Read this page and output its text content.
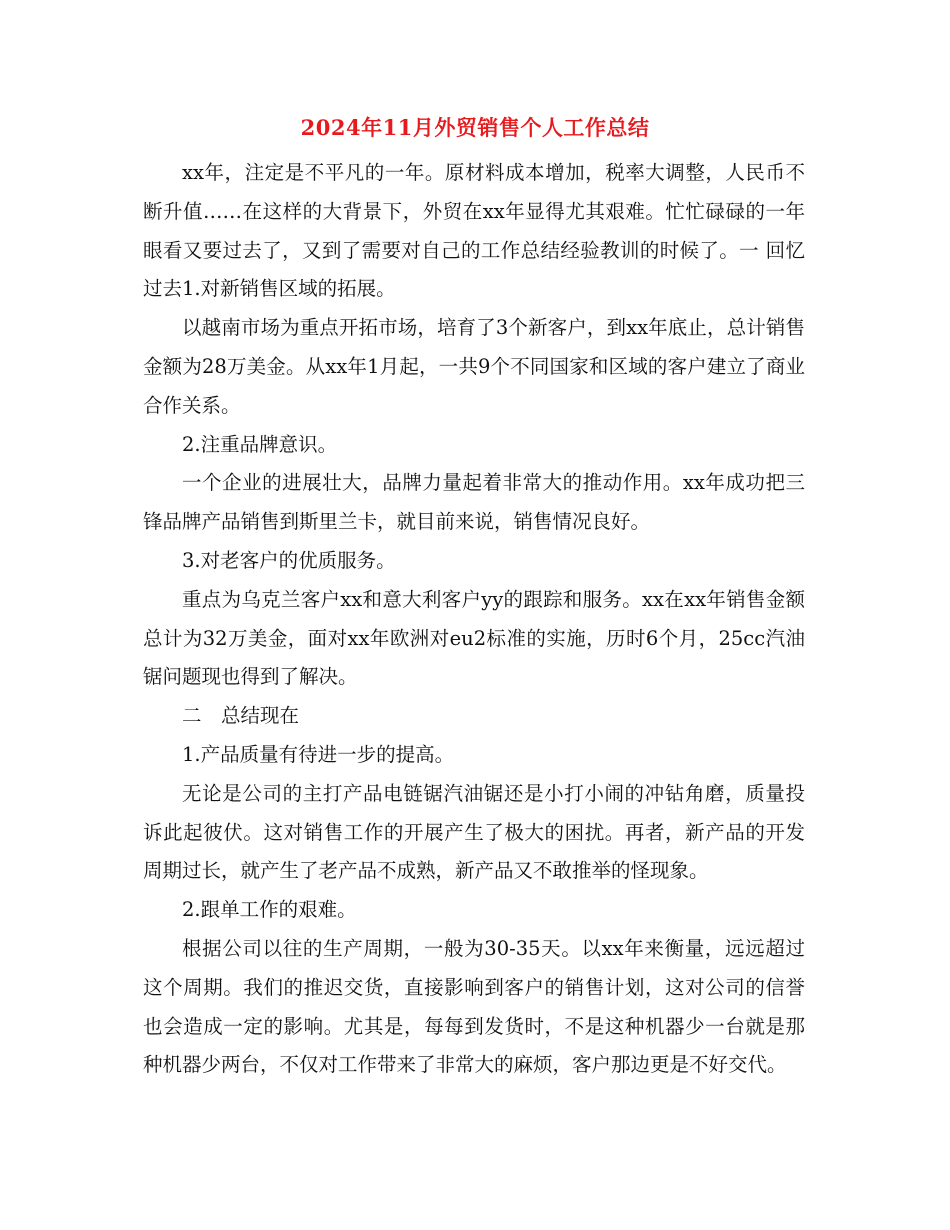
2024年11月外贸销售个人工作总结

xx年，注定是不平凡的一年。原材料成本增加，税率大调整，人民币不断升值……在这样的大背景下，外贸在xx年显得尤其艰难。忙忙碌碌的一年眼看又要过去了，又到了需要对自己的工作总结经验教训的时候了。一 回忆过去1.对新销售区域的拓展。

以越南市场为重点开拓市场，培育了3个新客户，到xx年底止，总计销售金额为28万美金。从xx年1月起，一共9个不同国家和区域的客户建立了商业合作关系。

2.注重品牌意识。

一个企业的进展壮大，品牌力量起着非常大的推动作用。xx年成功把三锋品牌产品销售到斯里兰卡，就目前来说，销售情况良好。

3.对老客户的优质服务。

重点为乌克兰客户xx和意大利客户yy的跟踪和服务。xx在xx年销售金额总计为32万美金，面对xx年欧洲对eu2标准的实施，历时6个月，25cc汽油锯问题现也得到了解决。

二　总结现在

1.产品质量有待进一步的提高。

无论是公司的主打产品电链锯汽油锯还是小打小闹的冲钻角磨，质量投诉此起彼伏。这对销售工作的开展产生了极大的困扰。再者，新产品的开发周期过长，就产生了老产品不成熟，新产品又不敢推举的怪现象。

2.跟单工作的艰难。

根据公司以往的生产周期，一般为30-35天。以xx年来衡量，远远超过这个周期。我们的推迟交货，直接影响到客户的销售计划，这对公司的信誉也会造成一定的影响。尤其是，每每到发货时，不是这种机器少一台就是那种机器少两台，不仅对工作带来了非常大的麻烦，客户那边更是不好交代。
